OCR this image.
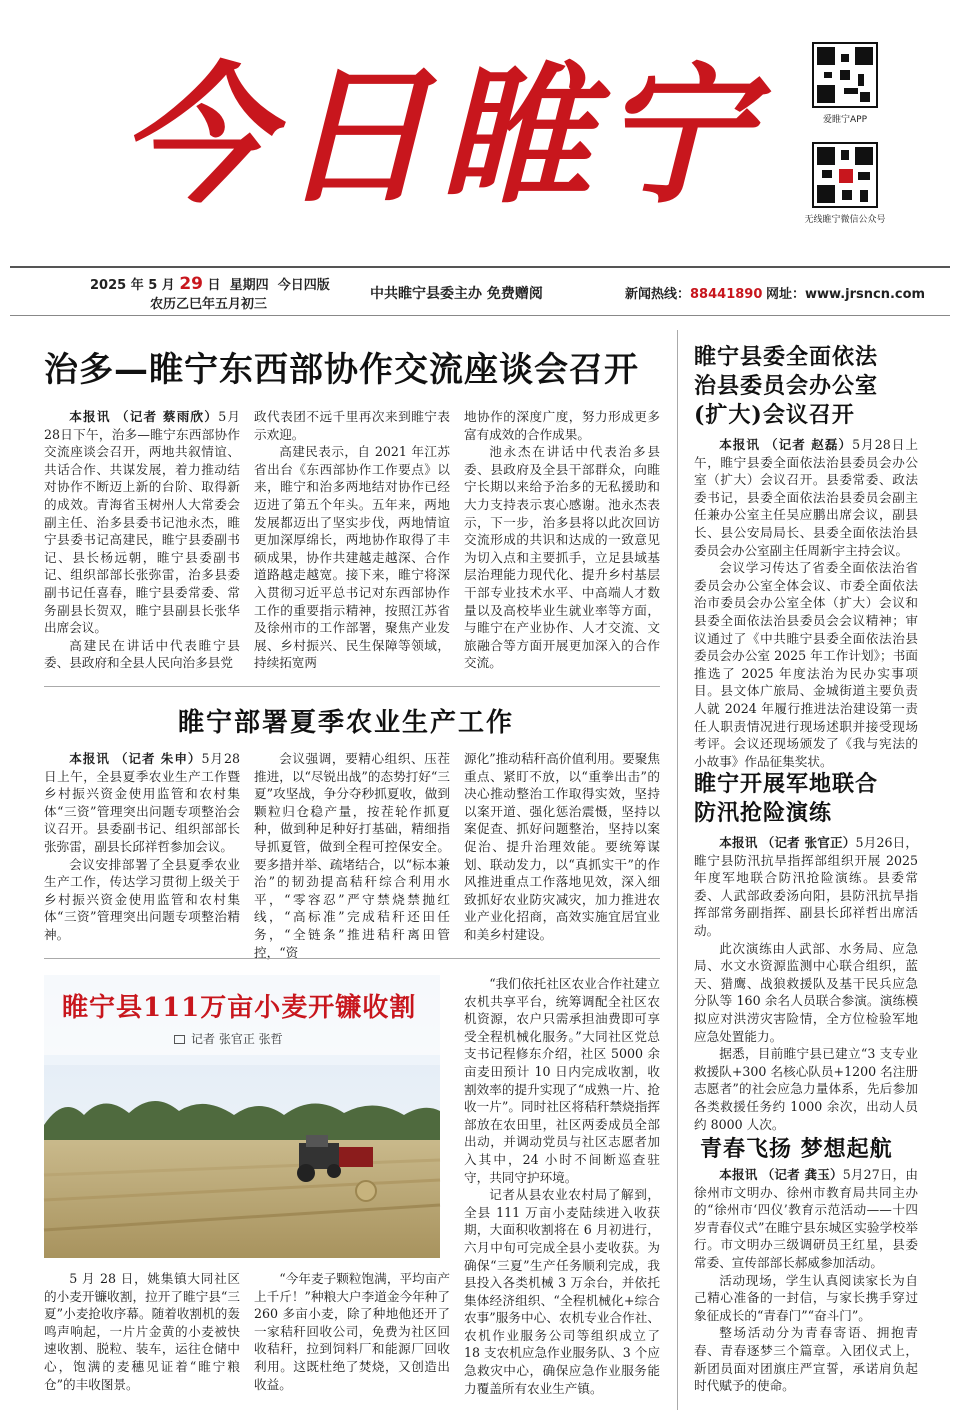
今日睢宁	爱睢宁APP
无线睢宁微信公众号
2025 年 5 月 29 日 星期四 今日四版
农历乙巳年五月初三
中共睢宁县委主办 免费赠阅	新闻热线：88441890 网址：www.jrsncn.com
治多—睢宁东西部协作交流座谈会召开

本报讯 （记者 蔡雨欣）5月28日下午，治多—睢宁东西部协作交流座谈会召开，两地共叙情谊、共话合作、共谋发展，着力推动结对协作不断迈上新的台阶、取得新的成效。青海省玉树州人大常委会副主任、治多县委书记池永杰，睢宁县委书记高建民，睢宁县委副书记、县长杨远朝，睢宁县委副书记、组织部部长张弥雷，治多县委副书记任喜春，睢宁县委常委、常务副县长贺双，睢宁县副县长张华出席会议。

高建民在讲话中代表睢宁县委、县政府和全县人民向治多县党

政代表团不远千里再次来到睢宁表示欢迎。

高建民表示，自 2021 年江苏省出台《东西部协作工作要点》以来，睢宁和治多两地结对协作已经迈进了第五个年头。五年来，两地发展都迈出了坚实步伐，两地情谊更加深厚绵长，两地协作取得了丰硕成果，协作共建越走越深、合作道路越走越宽。接下来，睢宁将深入贯彻习近平总书记对东西部协作工作的重要指示精神，按照江苏省及徐州市的工作部署，聚焦产业发展、乡村振兴、民生保障等领域，持续拓宽两

地协作的深度广度，努力形成更多富有成效的合作成果。

池永杰在讲话中代表治多县委、县政府及全县干部群众，向睢宁长期以来给予治多的无私援助和大力支持表示衷心感谢。池永杰表示，下一步，治多县将以此次回访交流形成的共识和达成的一致意见为切入点和主要抓手，立足县域基层治理能力现代化、提升乡村基层干部专业技术水平、中高端人才数量以及高校毕业生就业率等方面，与睢宁在产业协作、人才交流、文旅融合等方面开展更加深入的合作交流。

睢宁部署夏季农业生产工作

本报讯 （记者 朱申）5月28日上午，全县夏季农业生产工作暨乡村振兴资金使用监管和农村集体“三资”管理突出问题专项整治会议召开。县委副书记、组织部部长张弥雷，副县长邱祥哲参加会议。

会议安排部署了全县夏季农业生产工作，传达学习贯彻上级关于乡村振兴资金使用监管和农村集体“三资”管理突出问题专项整治精神。

会议强调，要精心组织、压茬推进，以“尽锐出战”的态势打好“三夏”攻坚战，争分夺秒抓夏收，做到颗粒归仓稳产量，按茬轮作抓夏种，做到种足种好打基础，精细指导抓夏管，做到全程可控保安全。要多措并举、疏堵结合，以“标本兼治”的韧劲提高秸秆综合利用水平，“零容忍”严守禁烧禁抛红线，“高标准”完成秸秆还田任务，“全链条”推进秸秆离田管控，“资

源化”推动秸秆高价值利用。要聚焦重点、紧盯不放，以“重拳出击”的决心推动整治工作取得实效，坚持以案开道、强化惩治震慑，坚持以案促查、抓好问题整治，坚持以案促治、提升治理效能。要统筹谋划、联动发力，以“真抓实干”的作风推进重点工作落地见效，深入细致抓好农业防灾减灾，加力推进农业产业化招商，高效实施宜居宜业和美乡村建设。

睢宁县111万亩小麦开镰收割
记者 张官正 张哲

5 月 28 日，姚集镇大同社区的小麦开镰收割，拉开了睢宁县“三夏”小麦抢收序幕。随着收割机的轰鸣声响起，一片片金黄的小麦被快速收割、脱粒、装车，运往仓储中心，饱满的麦穗见证着“睢宁粮仓”的丰收图景。

“今年麦子颗粒饱满，平均亩产上千斤！”种粮大户李道金今年种了 260 多亩小麦，除了种地他还开了一家秸秆回收公司，免费为社区回收秸秆，拉到饲料厂和能源厂回收利用。这既杜绝了焚烧，又创造出收益。

“我们依托社区农业合作社建立农机共享平台，统筹调配全社区农机资源，农户只需承担油费即可享受全程机械化服务。”大同社区党总支书记程修东介绍，社区 5000 余亩麦田预计 10 日内完成收割，收割效率的提升实现了“成熟一片、抢收一片”。同时社区将秸秆禁烧指挥部放在农田里，社区两委成员全部出动，并调动党员与社区志愿者加入其中，24 小时不间断巡查驻守，共同守护环境。

记者从县农业农村局了解到，全县 111 万亩小麦陆续进入收获期，大面积收割将在 6 月初进行，六月中旬可完成全县小麦收获。为确保“三夏”生产任务顺利完成，我县投入各类机械 3 万余台，并依托集体经济组织、“全程机械化+综合农事”服务中心、农机专业合作社、农机作业服务公司等组织成立了 18 支农机应急作业服务队、3 个应急救灾中心，确保应急作业服务能力覆盖所有农业生产镇。

睢宁县委全面依法
治县委员会办公室
(扩大)会议召开

本报讯 （记者 赵磊）5月28日上午，睢宁县委全面依法治县委员会办公室（扩大）会议召开。县委常委、政法委书记，县委全面依法治县委员会副主任兼办公室主任吴应鹏出席会议，副县长、县公安局局长、县委全面依法治县委员会办公室副主任周新宇主持会议。

会议学习传达了省委全面依法治省委员会办公室全体会议、市委全面依法治市委员会办公室全体（扩大）会议和县委全面依法治县委员会会议精神；审议通过了《中共睢宁县委全面依法治县委员会办公室 2025 年工作计划》；书面推选了 2025 年度法治为民办实事项目。县文体广旅局、金城街道主要负责人就 2024 年履行推进法治建设第一责任人职责情况进行现场述职并接受现场考评。会议还现场颁发了《我与宪法的小故事》作品征集奖状。

睢宁开展军地联合
防汛抢险演练

本报讯 （记者 张官正）5月26日，睢宁县防汛抗旱指挥部组织开展 2025 年度军地联合防汛抢险演练。县委常委、人武部政委汤向阳，县防汛抗旱指挥部常务副指挥、副县长邱祥哲出席活动。

此次演练由人武部、水务局、应急局、水文水资源监测中心联合组织，蓝天、猎鹰、战狼救援队及基干民兵应急分队等 160 余名人员联合参演。演练模拟应对洪涝灾害险情，全方位检验军地应急处置能力。

据悉，目前睢宁县已建立“3 支专业救援队+300 名核心队员+1200 名注册志愿者”的社会应急力量体系，先后参加各类救援任务约 1000 余次，出动人员约 8000 人次。

青春飞扬 梦想起航

本报讯 （记者 龚玉）5月27日，由徐州市文明办、徐州市教育局共同主办的“徐州市‘四仪’教育示范活动——十四岁青春仪式”在睢宁县东城区实验学校举行。市文明办三级调研员王红星，县委常委、宣传部部长郝威参加活动。

活动现场，学生认真阅读家长为自己精心准备的一封信，与家长携手穿过象征成长的“青春门”“奋斗门”。

整场活动分为青春寄语、拥抱青春、青春逐梦三个篇章。入团仪式上，新团员面对团旗庄严宣誓，承诺肩负起时代赋予的使命。
